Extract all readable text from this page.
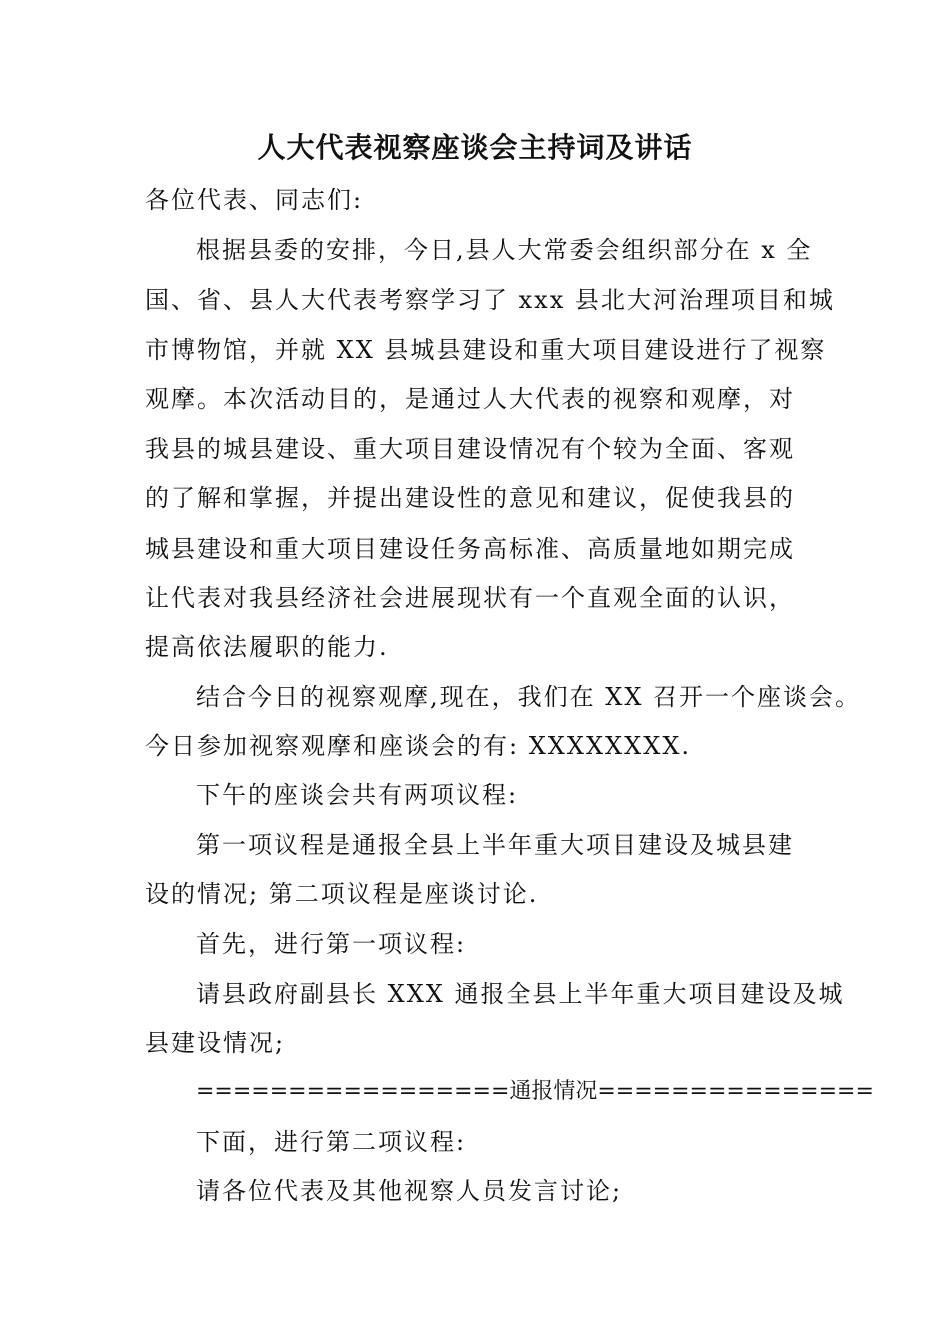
人大代表视察座谈会主持词及讲话
各位代表、同志们:
根据县委的安排，今日,县人大常委会组织部分在 x 全
国、省、县人大代表考察学习了 xxx 县北大河治理项目和城
市博物馆，并就 XX 县城县建设和重大项目建设进行了视察
观摩。本次活动目的，是通过人大代表的视察和观摩，对
我县的城县建设、重大项目建设情况有个较为全面、客观
的了解和掌握，并提出建设性的意见和建议，促使我县的
城县建设和重大项目建设任务高标准、高质量地如期完成
让代表对我县经济社会进展现状有一个直观全面的认识，
提高依法履职的能力.
结合今日的视察观摩,现在，我们在 XX 召开一个座谈会。
今日参加视察观摩和座谈会的有: XXXXXXXX.
下午的座谈会共有两项议程:
第一项议程是通报全县上半年重大项目建设及城县建
设的情况; 第二项议程是座谈讨论.
首先，进行第一项议程:
请县政府副县长 XXX 通报全县上半年重大项目建设及城
县建设情况;
=================通报情况===============
下面，进行第二项议程:
请各位代表及其他视察人员发言讨论;
